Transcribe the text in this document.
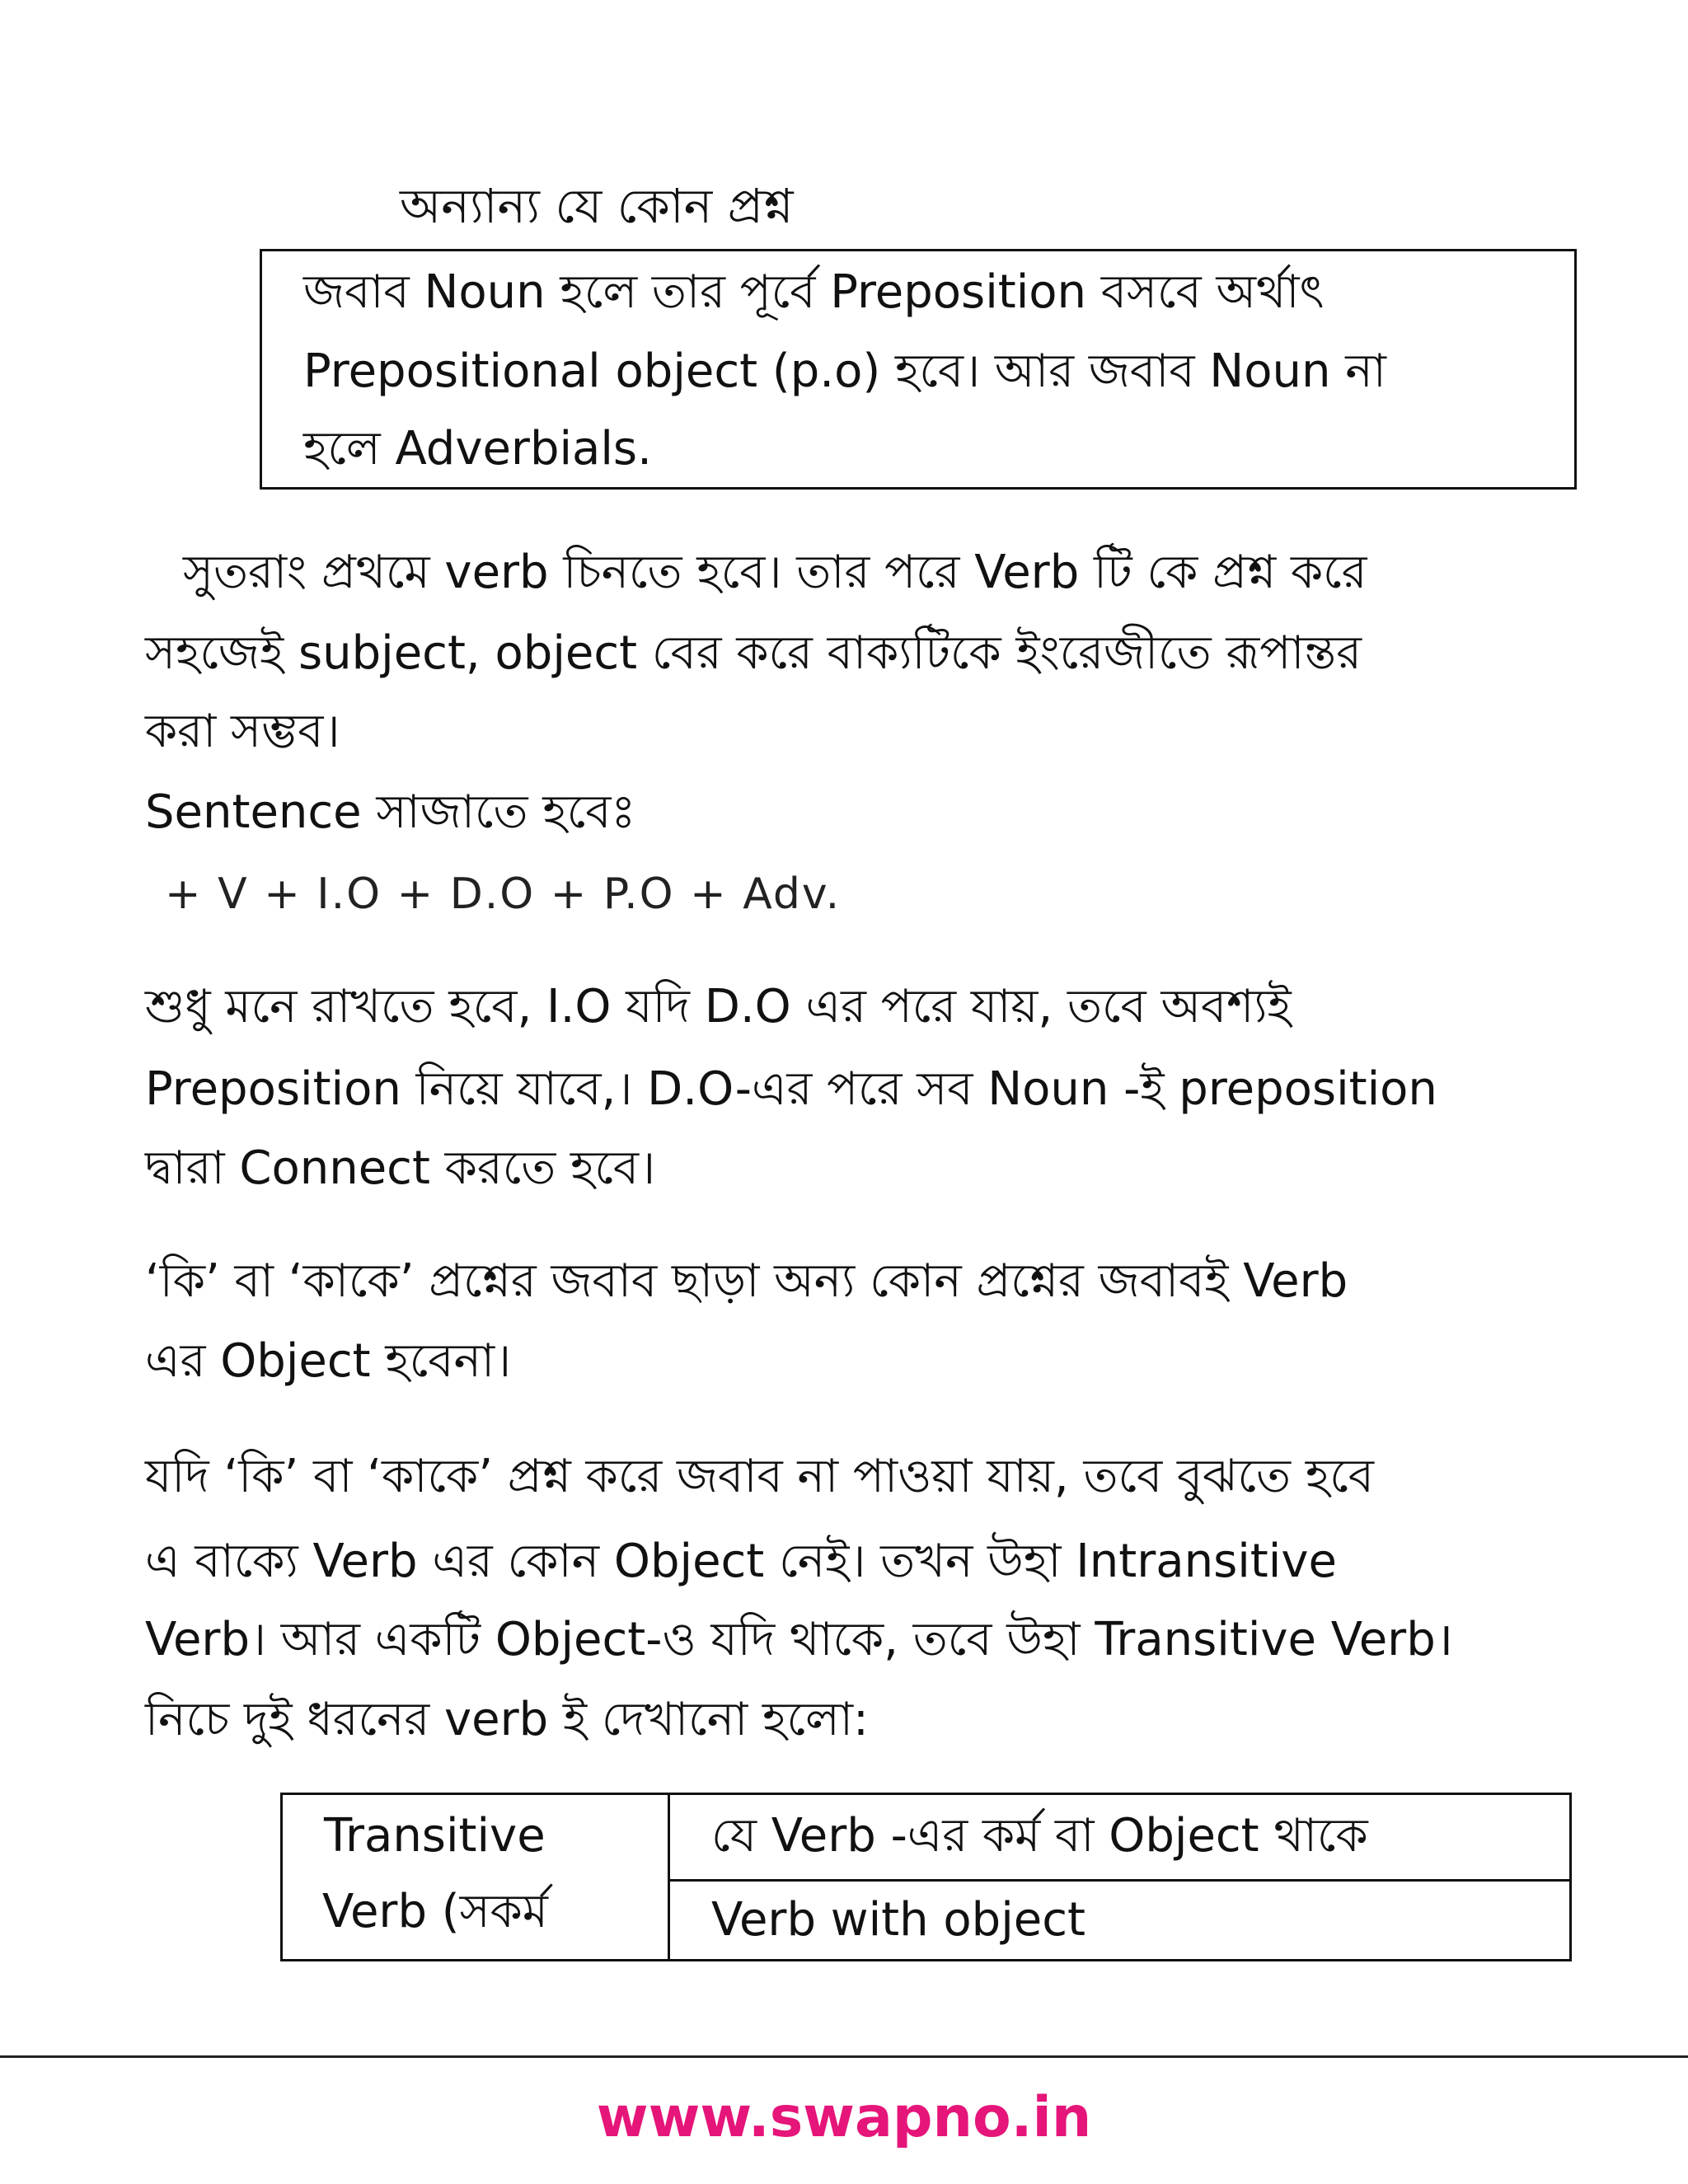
অন্যান্য যে কোন প্রশ্ন
জবাব Noun হলে তার পূর্বে Preposition বসবে অর্থাৎ
Prepositional object (p.o) হবে। আর জবাব Noun না
হলে Adverbials.
সুতরাং প্রথমে verb চিনতে হবে। তার পরে Verb টি কে প্রশ্ন করে
সহজেই subject, object বের করে বাক্যটিকে ইংরেজীতে রূপান্তর
করা সম্ভব।
Sentence সাজাতে হবেঃ
+ V + I.O + D.O + P.O + Adv.
শুধু মনে রাখতে হবে, I.O যদি D.O এর পরে যায়, তবে অবশ্যই
Preposition নিয়ে যাবে,। D.O-এর পরে সব Noun -ই preposition
দ্বারা Connect করতে হবে।
‘কি’ বা ‘কাকে’ প্রশ্নের জবাব ছাড়া অন্য কোন প্রশ্নের জবাবই Verb
এর Object হবেনা।
যদি ‘কি’ বা ‘কাকে’ প্রশ্ন করে জবাব না পাওয়া যায়, তবে বুঝতে হবে
এ বাক্যে Verb এর কোন Object নেই। তখন উহা Intransitive
Verb। আর একটি Object-ও যদি থাকে, তবে উহা Transitive Verb।
নিচে দুই ধরনের verb ই দেখানো হলো:
Transitive
Verb (সকর্ম
যে Verb -এর কর্ম বা Object থাকে
Verb with object
www.swapno.in
